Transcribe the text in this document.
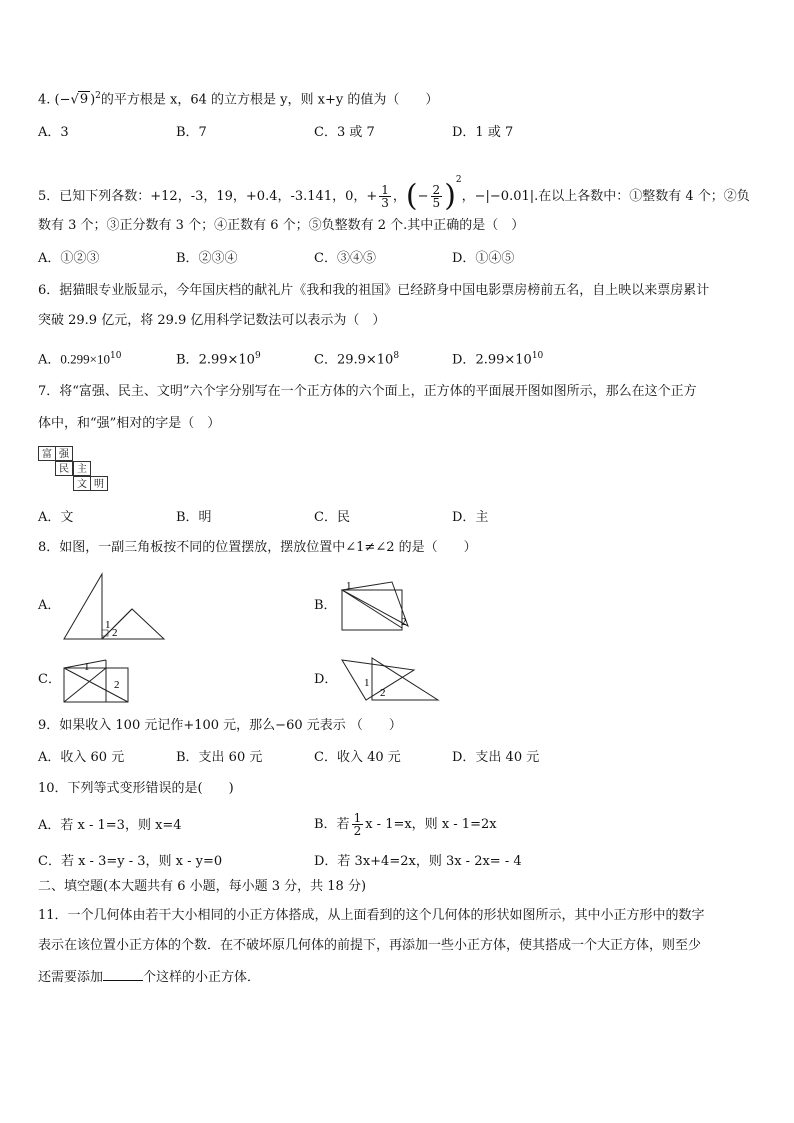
4. (−√9 )$^2$的平方根是 x，64 的立方根是 y，则 x+y 的值为（　　）
A．3	B．7	C．3 或 7	D．1 或 7
5．已知下列各数：+12，-3，19，+0.4，-3.141，0，+ $\frac{1}{3}$ ，(− $\frac{2}{5} )^2$，−|−0.01|.在以上各数中：①整数有 4 个；②负
数有 3 个；③正分数有 3 个；④正数有 6 个；⑤负整数有 2 个.其中正确的是（　）
A．①②③	B．②③④	C．③④⑤	D．①④⑤
6．据猫眼专业版显示，今年国庆档的献礼片《我和我的祖国》已经跻身中国电影票房榜前五名，自上映以来票房累计
突破 29.9 亿元，将 29.9 亿用科学记数法可以表示为（　）
A．$0.299\times 10^{10}$	B．$2.99\times 10^9$	C．$29.9\times 10^8$	D．$2.99\times 10^{10}$
7．将“富强、民主、文明”六个字分别写在一个正方体的六个面上，正方体的平面展开图如图所示，那么在这个正方
体中，和“强”相对的字是（　）
富 强
民 主
文 明
A．文	B．明	C．民	D．主
8．如图，一副三角板按不同的位置摆放，摆放位置中∠1≠∠2 的是（　　）
A．
1
2
B．
1
2
C．
1
2	D． 1
2
9．如果收入 100 元记作+100 元，那么−60 元表示 （　　）
A．收入 60 元	B．支出 60 元	C．收入 40 元	D．支出 40 元
10．下列等式变形错误的是(　　)
A．若 x - 1=3，则 x=4	B．若 $\frac{1}{2}$ x - 1=x，则 x - 1=2x
C．若 x - 3=y - 3，则 x - y=0	D．若 3x+4=2x，则 3x - 2x= - 4
二、填空题(本大题共有 6 小题，每小题 3 分，共 18 分)
11．一个几何体由若干大小相同的小正方体搭成，从上面看到的这个几何体的形状如图所示，其中小正方形中的数字
表示在该位置小正方体的个数．在不破坏原几何体的前提下，再添加一些小正方体，使其搭成一个大正方体，则至少
还需要添加	个这样的小正方体．
